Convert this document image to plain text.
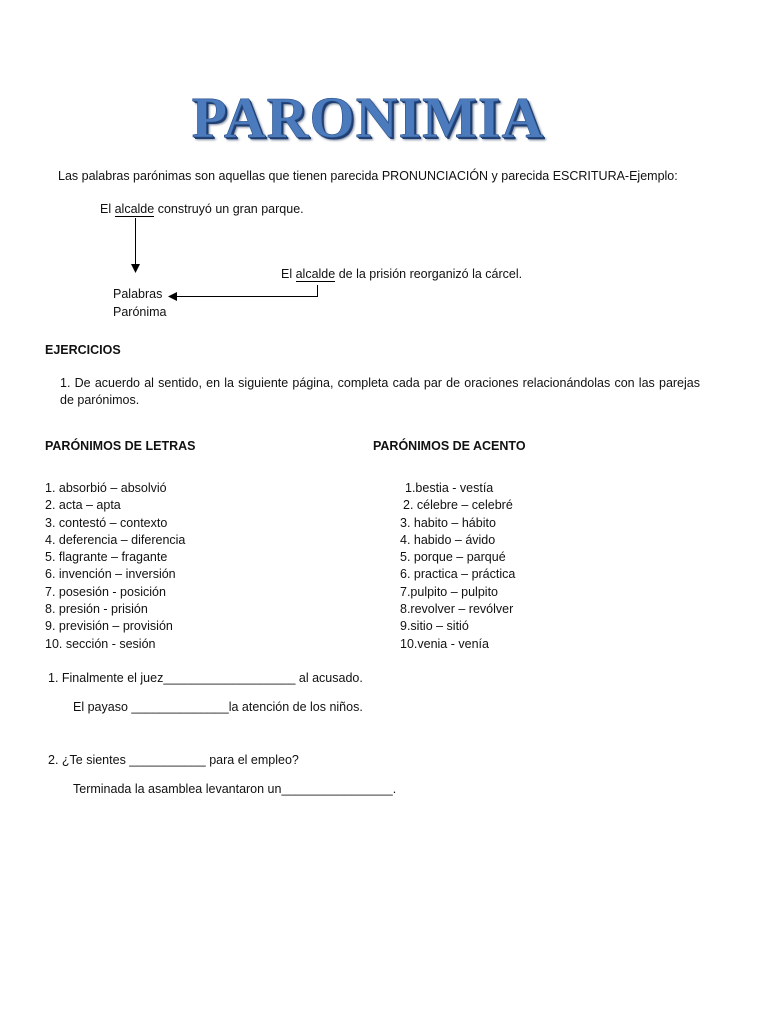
PARONIMIA
Las palabras parónimas son aquellas que tienen parecida PRONUNCIACIÓN y parecida ESCRITURA-Ejemplo:
El alcalde construyó un gran parque.
El alcalde de la prisión reorganizó la cárcel.
Palabras
Parónima
EJERCICIOS
1. De acuerdo al sentido, en la siguiente página, completa cada par de oraciones relacionándolas con las parejas de parónimos.
PARÓNIMOS DE LETRAS	PARÓNIMOS DE ACENTO
1. absorbió – absolvió
2. acta – apta
3. contestó – contexto
4. deferencia – diferencia
5. flagrante – fragante
6. invención – inversión
7. posesión - posición
8. presión - prisión
9. previsión – provisión
10. sección - sesión
1.bestia - vestía
2. célebre – celebré
3. habito – hábito
4. habido – ávido
5. porque – parqué
6. practica – práctica
7.pulpito – pulpito
8.revolver – revólver
9.sitio – sitió
10.venia - venía
1. Finalmente el juez___________________ al acusado.
El payaso ______________la atención de los niños.
2. ¿Te sientes ___________ para el empleo?
Terminada la asamblea levantaron un________________.
